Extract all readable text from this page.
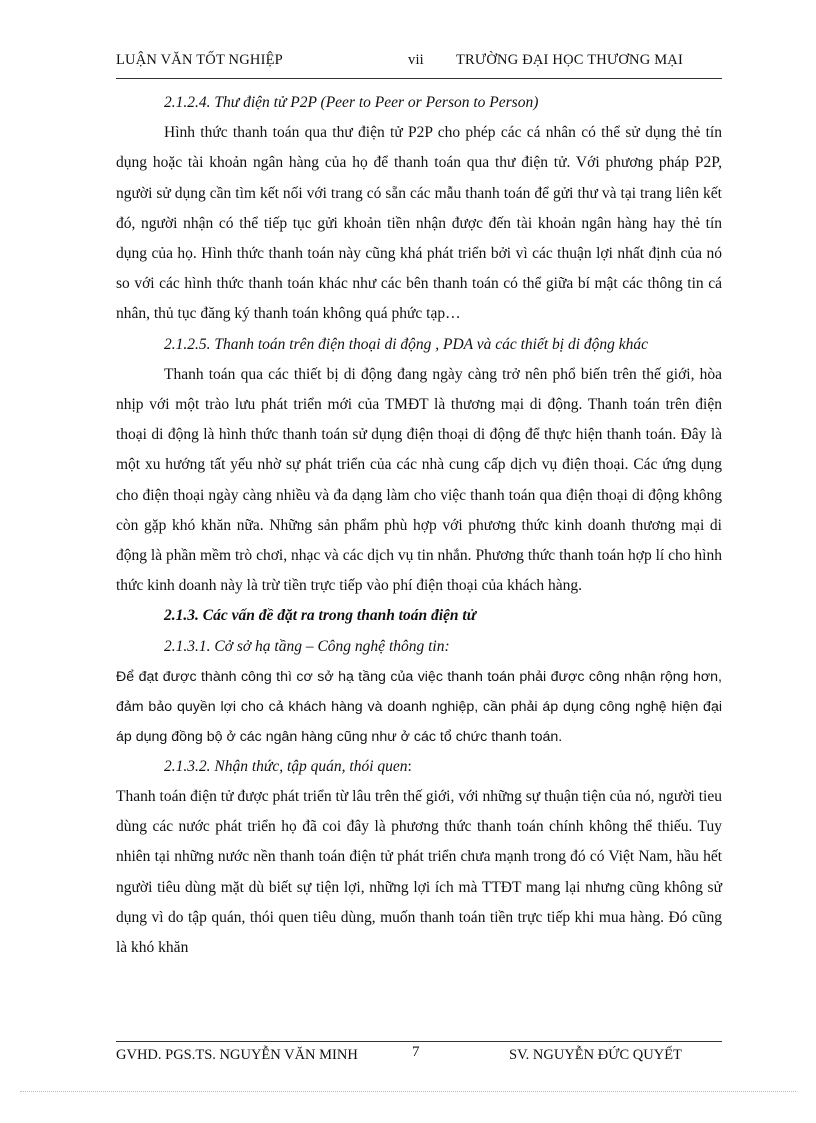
LUẬN VĂN TỐT NGHIỆP	vii TRƯỜNG ĐẠI HỌC THƯƠNG MẠI

2.1.2.4. Thư điện tử P2P (Peer to Peer or Person to Person)

Hình thức thanh toán qua thư điện tử P2P cho phép các cá nhân có thể sử dụng thẻ tín dụng hoặc tài khoản ngân hàng của họ để thanh toán qua thư điện tử. Với phương pháp P2P, người sử dụng cần tìm kết nối với trang có sẵn các mẫu thanh toán để gửi thư và tại trang liên kết đó, người nhận có thể tiếp tục gửi khoản tiền nhận được đến tài khoản ngân hàng hay thẻ tín dụng của họ. Hình thức thanh toán này cũng khá phát triển bởi vì các thuận lợi nhất định của nó so với các hình thức thanh toán khác như các bên thanh toán có thể giữa bí mật các thông tin cá nhân, thủ tục đăng ký thanh toán không quá phức tạp…

2.1.2.5. Thanh toán trên điện thoại di động , PDA và các thiết bị di động khác

Thanh toán qua các thiết bị di động đang ngày càng trở nên phổ biến trên thế giới, hòa nhịp với một trào lưu phát triển mới của TMĐT là thương mại di động. Thanh toán trên điện thoại di động là hình thức thanh toán sử dụng điện thoại di động để thực hiện thanh toán. Đây là một xu hướng tất yếu nhờ sự phát triển của các nhà cung cấp dịch vụ điện thoại. Các ứng dụng cho điện thoại ngày càng nhiều và đa dạng làm cho việc thanh toán qua điện thoại di động không còn gặp khó khăn nữa. Những sản phẩm phù hợp với phương thức kinh doanh thương mại di động là phần mềm trò chơi, nhạc và các dịch vụ tin nhắn. Phương thức thanh toán hợp lí cho hình thức kinh doanh này là trừ tiền trực tiếp vào phí điện thoại của khách hàng.

2.1.3. Các vấn đề đặt ra trong thanh toán điện tử

2.1.3.1. Cở sở hạ tầng – Công nghệ thông tin:

Để đạt được thành công thì cơ sở hạ tầng của việc thanh toán phải được công nhận rộng hơn, đảm bảo quyền lợi cho cả khách hàng và doanh nghiệp, cần phải áp dụng công nghệ hiện đại áp dụng đồng bộ ở các ngân hàng cũng như ở các tổ chức thanh toán.

2.1.3.2. Nhận thức, tập quán, thói quen:

Thanh toán điện tử được phát triển từ lâu trên thế giới, với những sự thuận tiện của nó, người tieu dùng các nước phát triển họ đã coi đây là phương thức thanh toán chính không thể thiếu. Tuy nhiên tại những nước nền thanh toán điện tử phát triển chưa mạnh trong đó có Việt Nam, hầu hết người tiêu dùng mặt dù biết sự tiện lợi, những lợi ích mà TTĐT mang lại nhưng cũng không sử dụng vì do tập quán, thói quen tiêu dùng, muốn thanh toán tiền trực tiếp khi mua hàng. Đó cũng là khó khăn

GVHD. PGS.TS. NGUYỄN VĂN MINH	7	SV. NGUYỄN ĐỨC QUYẾT
